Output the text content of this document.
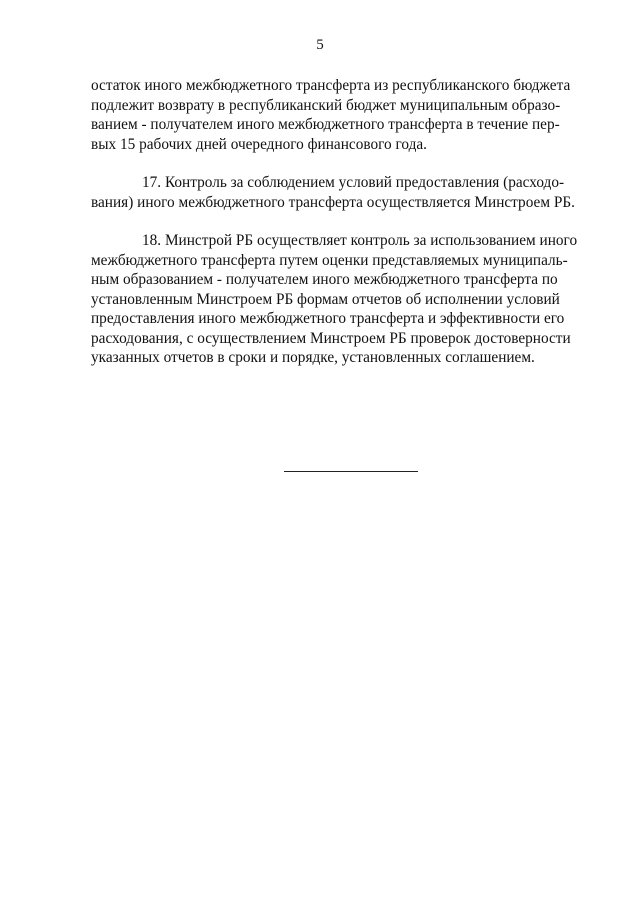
5

остаток иного межбюджетного трансферта из республиканского бюджета
подлежит возврату в республиканский бюджет муниципальным образо-
ванием - получателем иного межбюджетного трансферта в течение пер-
вых 15 рабочих дней очередного финансового года.

17. Контроль за соблюдением условий предоставления (расходо-
вания) иного межбюджетного трансферта осуществляется Минстроем РБ.

18. Минстрой РБ осуществляет контроль за использованием иного
межбюджетного трансферта путем оценки представляемых муниципаль-
ным образованием - получателем иного межбюджетного трансферта по
установленным Минстроем РБ формам отчетов об исполнении условий
предоставления иного межбюджетного трансферта и эффективности его
расходования, с осуществлением Минстроем РБ проверок достоверности
указанных отчетов в сроки и порядке, установленных соглашением.
